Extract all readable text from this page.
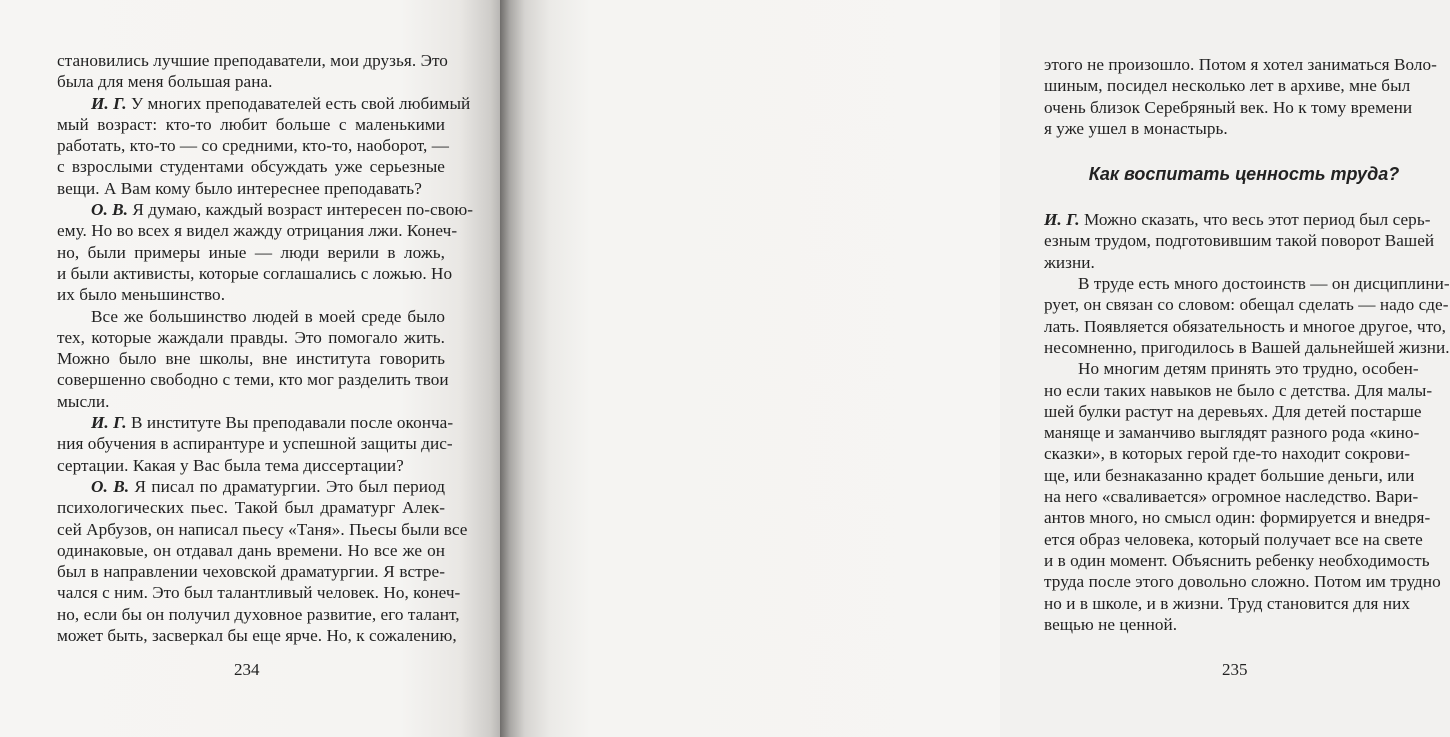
становились лучшие преподаватели, мои друзья. Это
была для меня большая рана.
И. Г. У многих преподавателей есть свой любимый
мый возраст: кто-то любит больше с маленькими
работать, кто-то — со средними, кто-то, наоборот, —
с взрослыми студентами обсуждать уже серьезные
вещи. А Вам кому было интереснее преподавать?
О. В. Я думаю, каждый возраст интересен по-свою-
ему. Но во всех я видел жажду отрицания лжи. Конеч-
но, были примеры иные — люди верили в ложь,
и были активисты, которые соглашались с ложью. Но
их было меньшинство.
Все же большинство людей в моей среде было
тех, которые жаждали правды. Это помогало жить.
Можно было вне школы, вне института говорить
совершенно свободно с теми, кто мог разделить твои
мысли.
И. Г. В институте Вы преподавали после оконча-
ния обучения в аспирантуре и успешной защиты дис-
сертации. Какая у Вас была тема диссертации?
О. В. Я писал по драматургии. Это был период
психологических пьес. Такой был драматург Алек-
сей Арбузов, он написал пьесу «Таня». Пьесы были все
одинаковые, он отдавал дань времени. Но все же он
был в направлении чеховской драматургии. Я встре-
чался с ним. Это был талантливый человек. Но, конеч-
но, если бы он получил духовное развитие, его талант,
может быть, засверкал бы еще ярче. Но, к сожалению,
234
этого не произошло. Потом я хотел заниматься Воло-
шиным, посидел несколько лет в архиве, мне был
очень близок Серебряный век. Но к тому времени
я уже ушел в монастырь.
Как воспитать ценность труда?
И. Г. Можно сказать, что весь этот период был серь-
езным трудом, подготовившим такой поворот Вашей
жизни.
В труде есть много достоинств — он дисциплини-
рует, он связан со словом: обещал сделать — надо сде-
лать. Появляется обязательность и многое другое, что,
несомненно, пригодилось в Вашей дальнейшей жизни.
Но многим детям принять это трудно, особен-
но если таких навыков не было с детства. Для малы-
шей булки растут на деревьях. Для детей постарше
маняще и заманчиво выглядят разного рода «кино-
сказки», в которых герой где-то находит сокрови-
ще, или безнаказанно крадет большие деньги, или
на него «сваливается» огромное наследство. Вари-
антов много, но смысл один: формируется и внедря-
ется образ человека, который получает все на свете
и в один момент. Объяснить ребенку необходимость
труда после этого довольно сложно. Потом им трудно
но и в школе, и в жизни. Труд становится для них
вещью не ценной.
235
